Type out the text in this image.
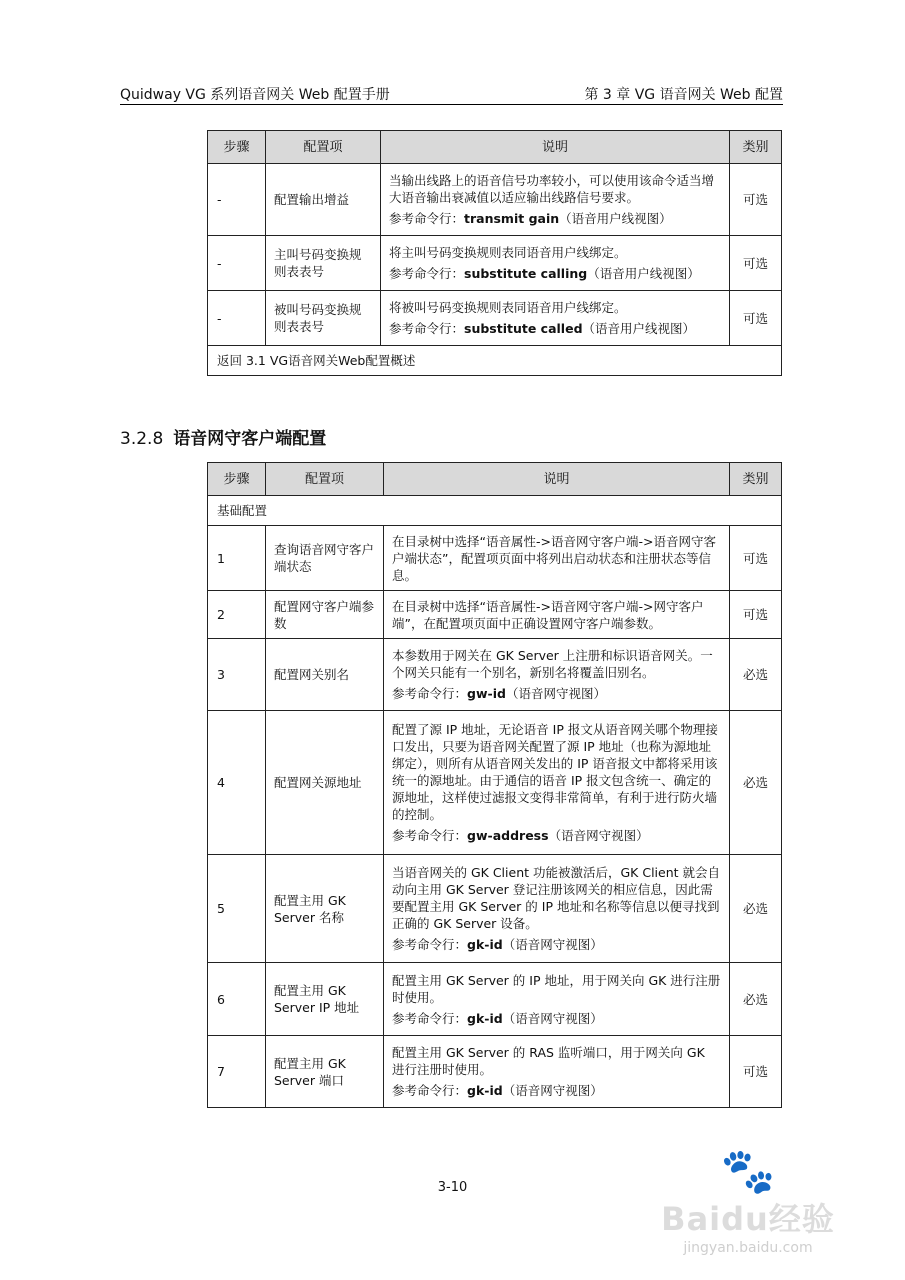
Quidway VG 系列语音网关 Web 配置手册	第 3 章 VG 语音网关 Web 配置
步骤	配置项	说明	类别
-	配置输出增益	当输出线路上的语音信号功率较小，可以使用该命令适当增大语音输出衰减值以适应输出线路信号要求。

参考命令行：transmit gain（语音用户线视图）	可选
-	主叫号码变换规则表表号	将主叫号码变换规则表同语音用户线绑定。

参考命令行：substitute calling（语音用户线视图）	可选
-	被叫号码变换规则表表号	将被叫号码变换规则表同语音用户线绑定。

参考命令行：substitute called（语音用户线视图）	可选
返回 3.1 VG语音网关Web配置概述			
3.2.8 语音网守客户端配置
步骤	配置项	说明	类别
基础配置			
1	查询语音网守客户端状态	在目录树中选择“语音属性->语音网守客户端->语音网守客户端状态”，配置项页面中将列出启动状态和注册状态等信息。	可选
2	配置网守客户端参数	在目录树中选择“语音属性->语音网守客户端->网守客户端”，在配置项页面中正确设置网守客户端参数。	可选
3	配置网关别名	本参数用于网关在 GK Server 上注册和标识语音网关。一个网关只能有一个别名，新别名将覆盖旧别名。

参考命令行：gw-id（语音网守视图）	必选
4	配置网关源地址	配置了源 IP 地址，无论语音 IP 报文从语音网关哪个物理接口发出，只要为语音网关配置了源 IP 地址（也称为源地址绑定），则所有从语音网关发出的 IP 语音报文中都将采用该统一的源地址。由于通信的语音 IP 报文包含统一、确定的源地址，这样使过滤报文变得非常简单，有利于进行防火墙的控制。

参考命令行：gw-address（语音网守视图）	必选
5	配置主用 GK Server 名称	当语音网关的 GK Client 功能被激活后，GK Client 就会自动向主用 GK Server 登记注册该网关的相应信息，因此需要配置主用 GK Server 的 IP 地址和名称等信息以便寻找到正确的 GK Server 设备。

参考命令行：gk-id（语音网守视图）	必选
6	配置主用 GK Server IP 地址	配置主用 GK Server 的 IP 地址，用于网关向 GK 进行注册时使用。

参考命令行：gk-id（语音网守视图）	必选
7	配置主用 GK Server 端口	配置主用 GK Server 的 RAS 监听端口，用于网关向 GK 进行注册时使用。

参考命令行：gk-id（语音网守视图）	可选
3-10	🐾
Baidu经验
jingyan.baidu.com
